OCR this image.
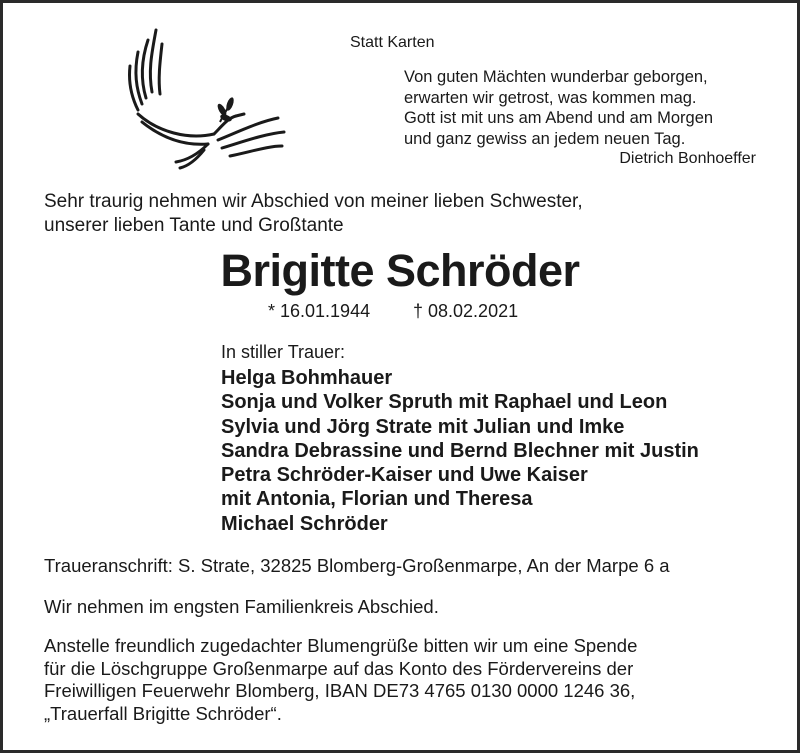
Statt Karten
Von guten Mächten wunderbar geborgen,
erwarten wir getrost, was kommen mag.
Gott ist mit uns am Abend und am Morgen
und ganz gewiss an jedem neuen Tag.
Dietrich Bonhoeffer
Sehr traurig nehmen wir Abschied von meiner lieben Schwester,
unserer lieben Tante und Großtante
Brigitte Schröder
* 16.01.1944 † 08.02.2021
In stiller Trauer:
Helga Bohmhauer
Sonja und Volker Spruth mit Raphael und Leon
Sylvia und Jörg Strate mit Julian und Imke
Sandra Debrassine und Bernd Blechner mit Justin
Petra Schröder-Kaiser und Uwe Kaiser
mit Antonia, Florian und Theresa
Michael Schröder
Traueranschrift: S. Strate, 32825 Blomberg-Großenmarpe, An der Marpe 6 a
Wir nehmen im engsten Familienkreis Abschied.
Anstelle freundlich zugedachter Blumengrüße bitten wir um eine Spende
für die Löschgruppe Großenmarpe auf das Konto des Fördervereins der
Freiwilligen Feuerwehr Blomberg, IBAN DE73 4765 0130 0000 1246 36,
„Trauerfall Brigitte Schröder“.
